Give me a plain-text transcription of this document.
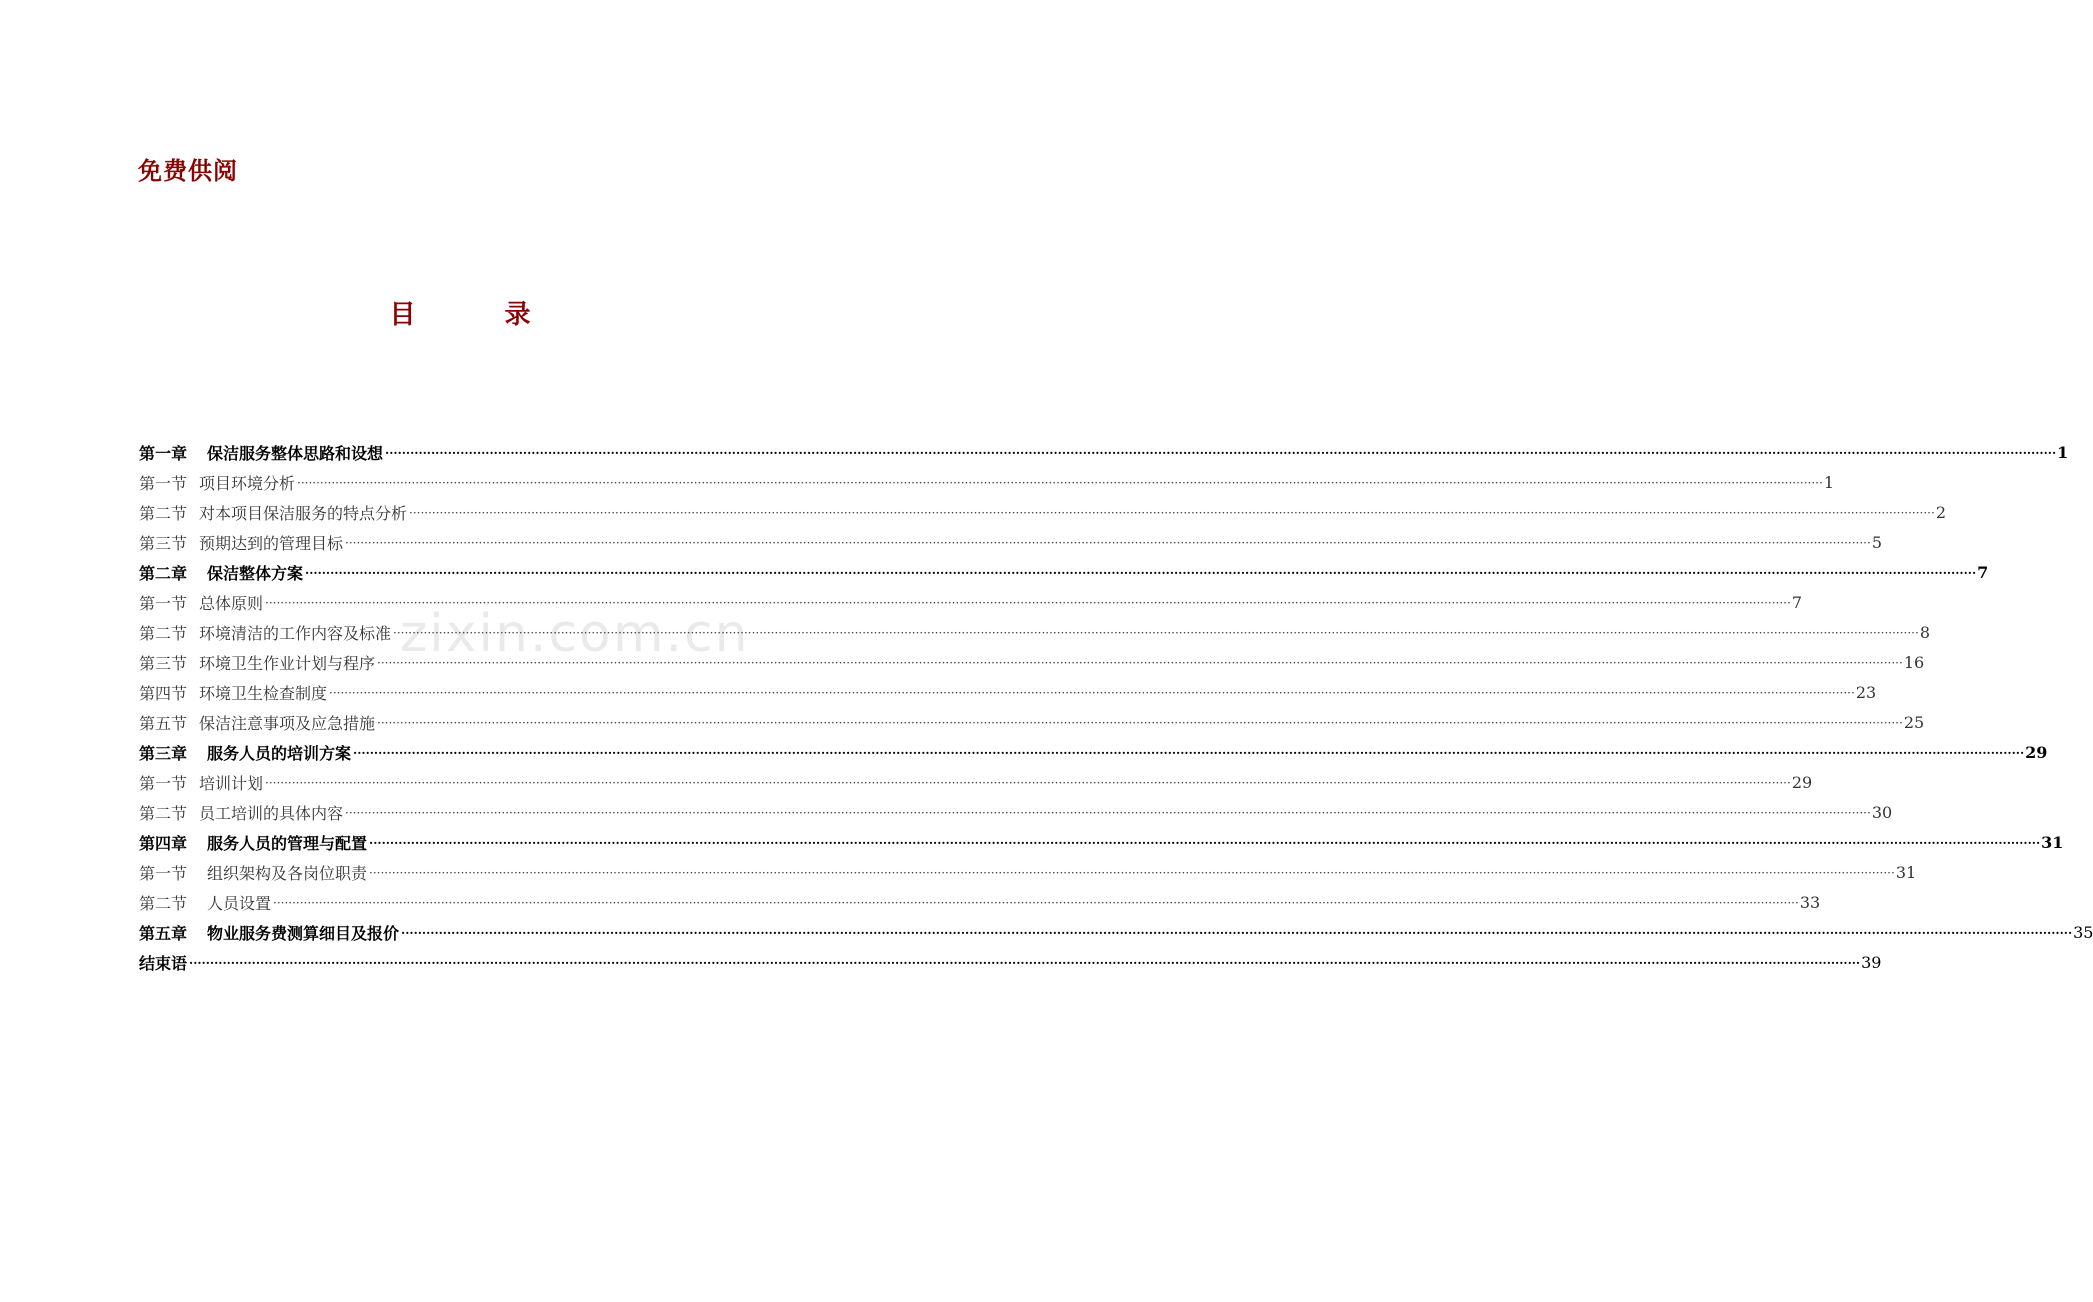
免费供阅
目 录
zixin.com.cn
第一章 保洁服务整体思路和设想 ················································································································································································································································································································································································································ 1
第一节 项目环境分析 ················································································································································································································································································································································································································ 1
第二节 对本项目保洁服务的特点分析 ················································································································································································································································································································································································································ 2
第三节 预期达到的管理目标 ················································································································································································································································································································································································································ 5
第二章 保洁整体方案 ················································································································································································································································································································································································································ 7
第一节 总体原则 ················································································································································································································································································································································································································ 7
第二节 环境清洁的工作内容及标准 ················································································································································································································································································································································································································ 8
第三节 环境卫生作业计划与程序 ················································································································································································································································································································································································································ 16
第四节 环境卫生检查制度 ················································································································································································································································································································································································································ 23
第五节 保洁注意事项及应急措施 ················································································································································································································································································································································································································ 25
第三章 服务人员的培训方案 ················································································································································································································································································································································································································ 29
第一节 培训计划 ················································································································································································································································································································································································································ 29
第二节 员工培训的具体内容 ················································································································································································································································································································································································································ 30
第四章 服务人员的管理与配置 ················································································································································································································································································································································································································ 31
第一节 组织架构及各岗位职责 ················································································································································································································································································································································································································ 31
第二节 人员设置 ················································································································································································································································································································································································································ 33
第五章 物业服务费测算细目及报价 ················································································································································································································································································································································································································ 35
结束语 ················································································································································································································································································································································································································ 39
